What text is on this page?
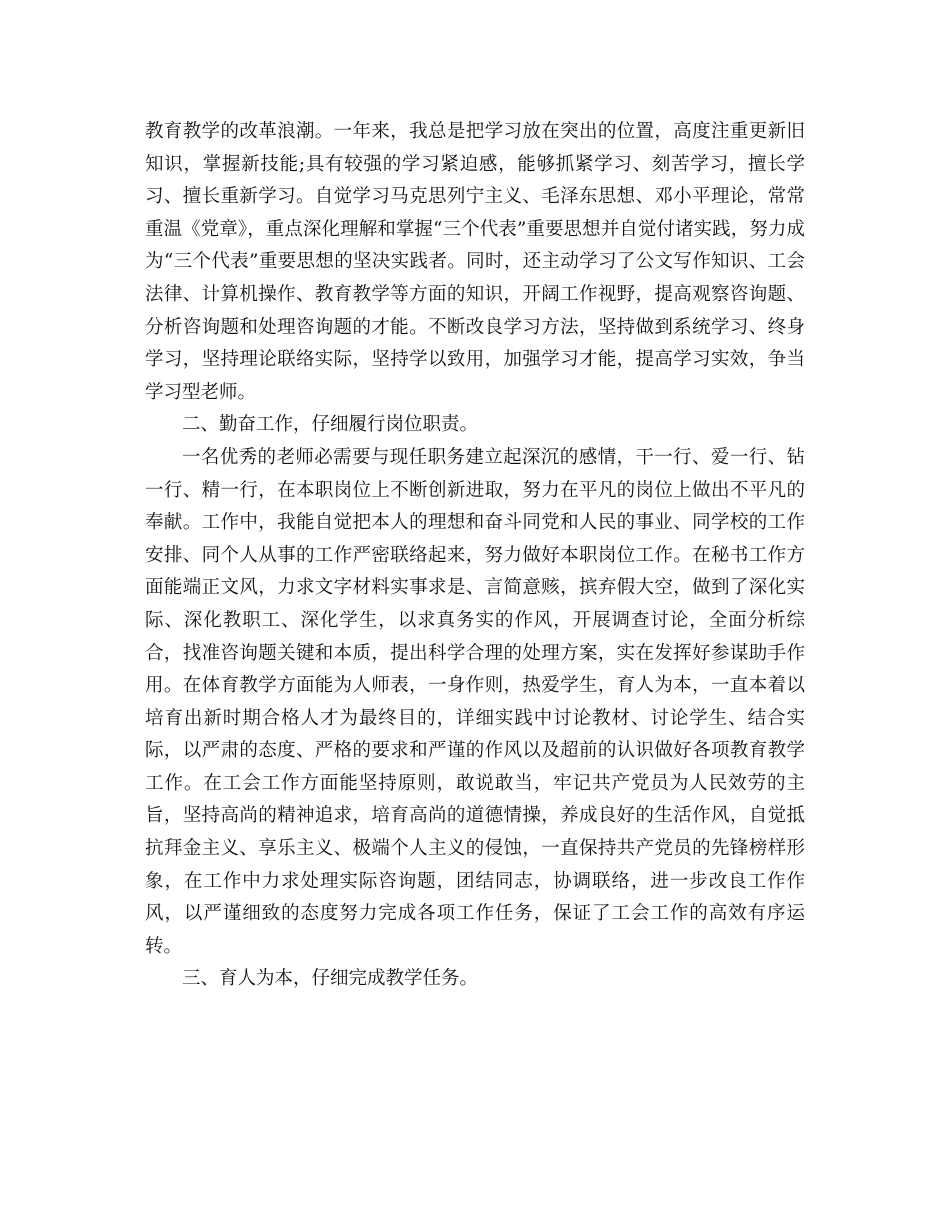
教育教学的改革浪潮。一年来，我总是把学习放在突出的位置，高度注重更新旧知识，掌握新技能;具有较强的学习紧迫感，能够抓紧学习、刻苦学习，擅长学习、擅长重新学习。自觉学习马克思列宁主义、毛泽东思想、邓小平理论，常常重温《党章》，重点深化理解和掌握“三个代表”重要思想并自觉付诸实践，努力成为“三个代表”重要思想的坚决实践者。同时，还主动学习了公文写作知识、工会法律、计算机操作、教育教学等方面的知识，开阔工作视野，提高观察咨询题、分析咨询题和处理咨询题的才能。不断改良学习方法，坚持做到系统学习、终身学习，坚持理论联络实际，坚持学以致用，加强学习才能，提高学习实效，争当学习型老师。

二、勤奋工作，仔细履行岗位职责。

一名优秀的老师必需要与现任职务建立起深沉的感情，干一行、爱一行、钻一行、精一行，在本职岗位上不断创新进取，努力在平凡的岗位上做出不平凡的奉献。工作中，我能自觉把本人的理想和奋斗同党和人民的事业、同学校的工作安排、同个人从事的工作严密联络起来，努力做好本职岗位工作。在秘书工作方面能端正文风，力求文字材料实事求是、言简意赅，摈弃假大空，做到了深化实际、深化教职工、深化学生，以求真务实的作风，开展调查讨论，全面分析综合，找准咨询题关键和本质，提出科学合理的处理方案，实在发挥好参谋助手作用。在体育教学方面能为人师表，一身作则，热爱学生，育人为本，一直本着以培育出新时期合格人才为最终目的，详细实践中讨论教材、讨论学生、结合实际，以严肃的态度、严格的要求和严谨的作风以及超前的认识做好各项教育教学工作。在工会工作方面能坚持原则，敢说敢当，牢记共产党员为人民效劳的主旨，坚持高尚的精神追求，培育高尚的道德情操，养成良好的生活作风，自觉抵抗拜金主义、享乐主义、极端个人主义的侵蚀，一直保持共产党员的先锋榜样形象，在工作中力求处理实际咨询题，团结同志，协调联络，进一步改良工作作风，以严谨细致的态度努力完成各项工作任务，保证了工会工作的高效有序运转。

三、育人为本，仔细完成教学任务。
